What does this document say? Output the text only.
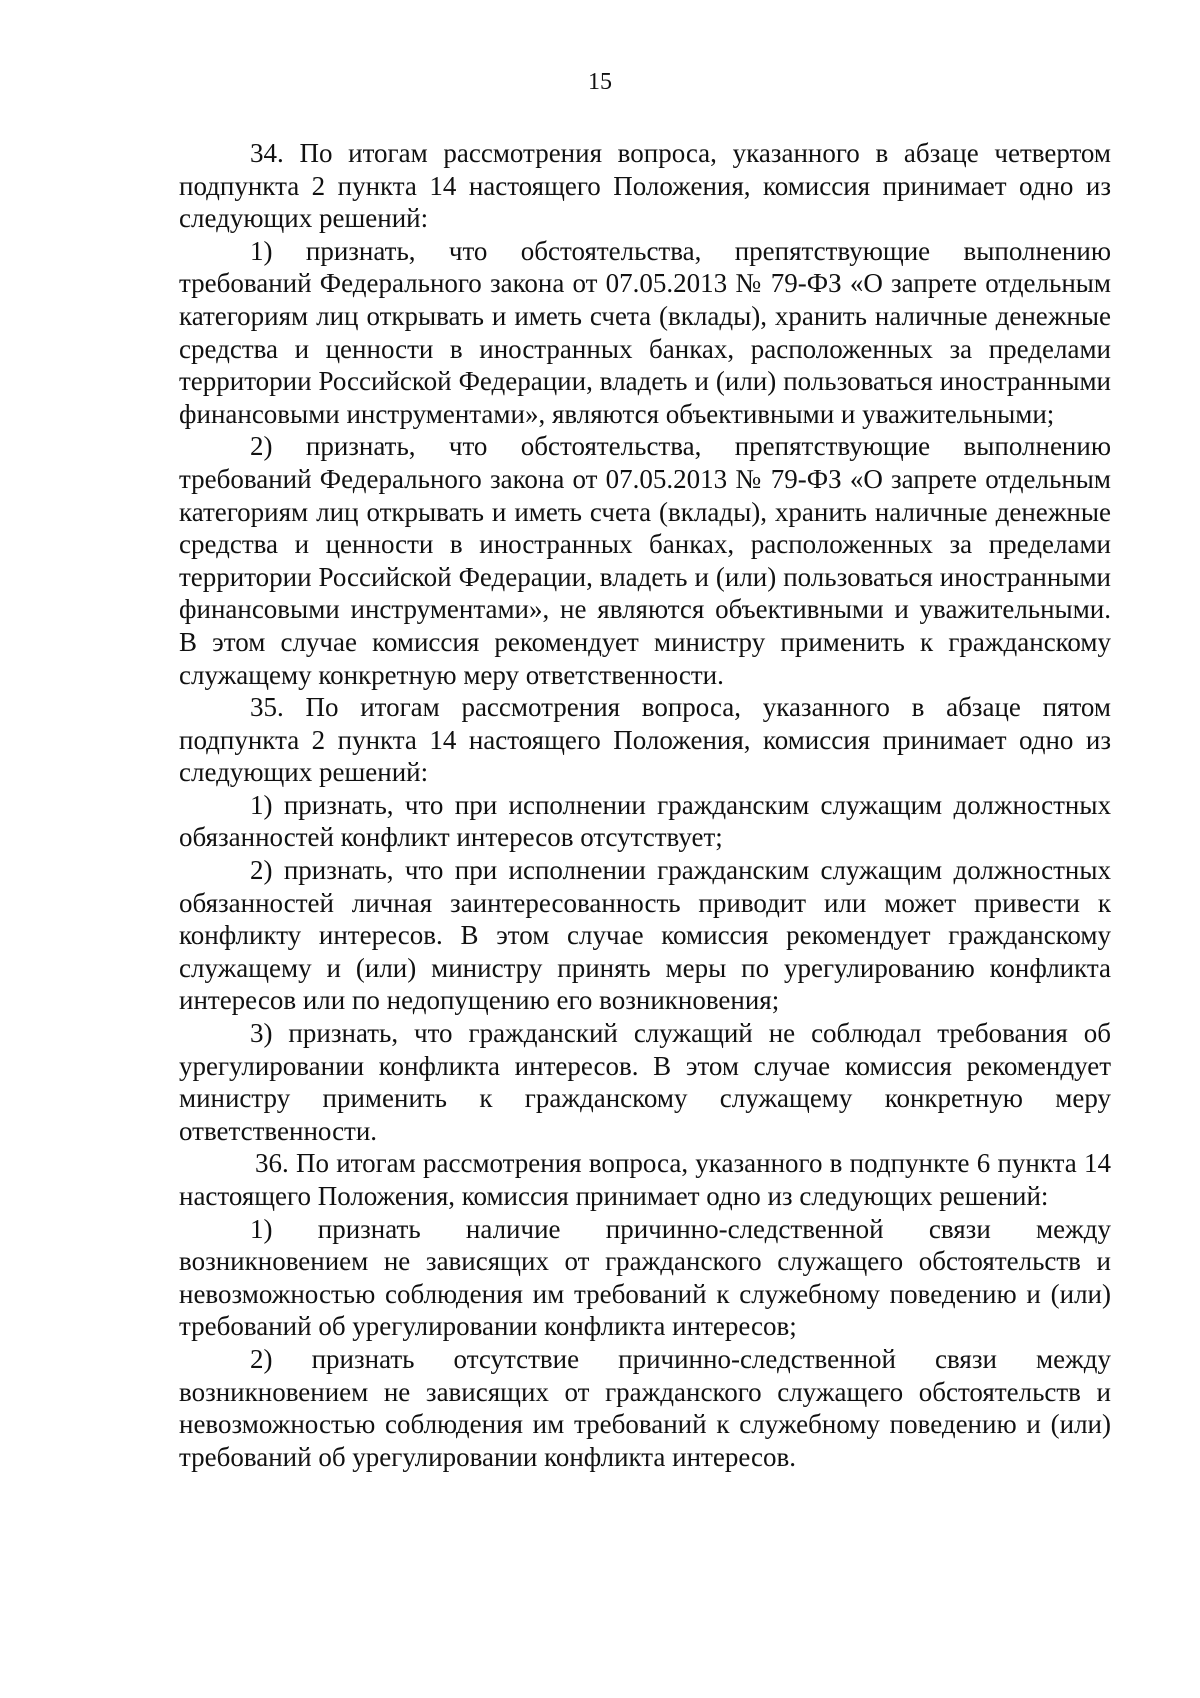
15

34. По итогам рассмотрения вопроса, указанного в абзаце четвертом подпункта 2 пункта 14 настоящего Положения, комиссия принимает одно из следующих решений:

1) признать, что обстоятельства, препятствующие выполнению требований Федерального закона от 07.05.2013 № 79-ФЗ «О запрете отдельным категориям лиц открывать и иметь счета (вклады), хранить наличные денежные средства и ценности в иностранных банках, расположенных за пределами территории Российской Федерации, владеть и (или) пользоваться иностранными финансовыми инструментами», являются объективными и уважительными;

2) признать, что обстоятельства, препятствующие выполнению требований Федерального закона от 07.05.2013 № 79-ФЗ «О запрете отдельным категориям лиц открывать и иметь счета (вклады), хранить наличные денежные средства и ценности в иностранных банках, расположенных за пределами территории Российской Федерации, владеть и (или) пользоваться иностранными финансовыми инструментами», не являются объективными и уважительными. В этом случае комиссия рекомендует министру применить к гражданскому служащему конкретную меру ответственности.

35. По итогам рассмотрения вопроса, указанного в абзаце пятом подпункта 2 пункта 14 настоящего Положения, комиссия принимает одно из следующих решений:

1) признать, что при исполнении гражданским служащим должностных обязанностей конфликт интересов отсутствует;

2) признать, что при исполнении гражданским служащим должностных обязанностей личная заинтересованность приводит или может привести к конфликту интересов. В этом случае комиссия рекомендует гражданскому служащему и (или) министру принять меры по урегулированию конфликта интересов или по недопущению его возникновения;

3) признать, что гражданский служащий не соблюдал требования об урегулировании конфликта интересов. В этом случае комиссия рекомендует министру применить к гражданскому служащему конкретную меру ответственности.

36. По итогам рассмотрения вопроса, указанного в подпункте 6 пункта 14 настоящего Положения, комиссия принимает одно из следующих решений:

1) признать наличие причинно-следственной связи между возникновением не зависящих от гражданского служащего обстоятельств и невозможностью соблюдения им требований к служебному поведению и (или) требований об урегулировании конфликта интересов;

2) признать отсутствие причинно-следственной связи между возникновением не зависящих от гражданского служащего обстоятельств и невозможностью соблюдения им требований к служебному поведению и (или) требований об урегулировании конфликта интересов.
